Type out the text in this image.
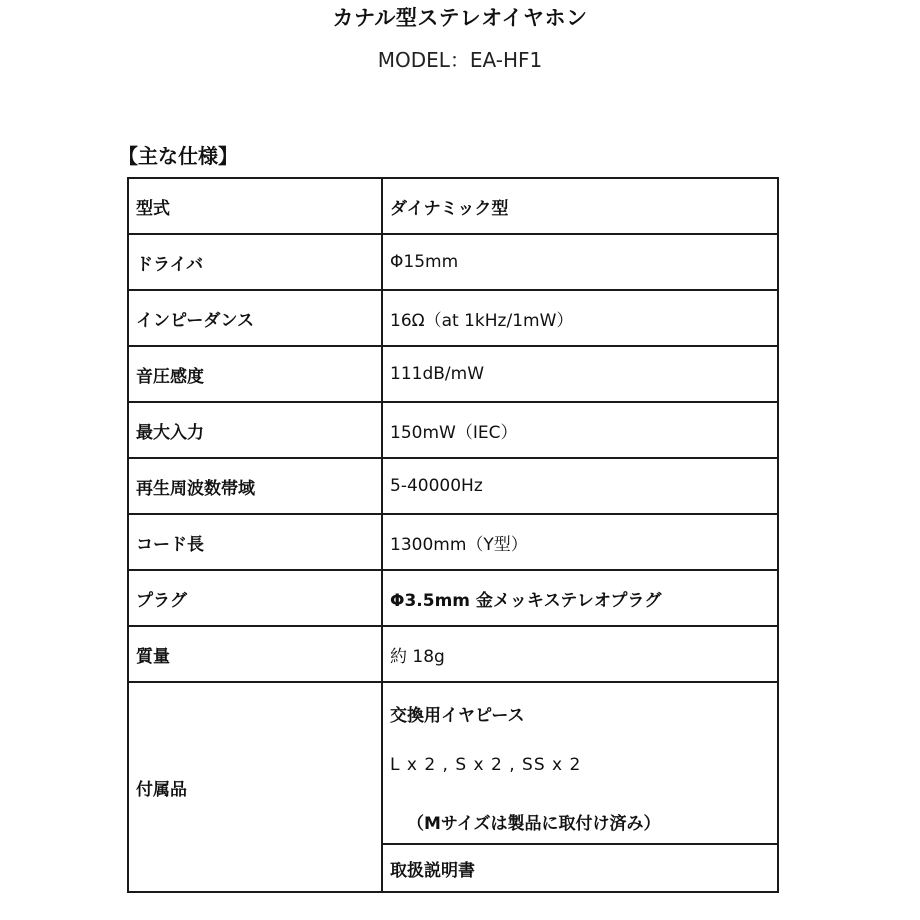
カナル型ステレオイヤホン
MODEL：EA-HF1
【主な仕様】
型式	ダイナミック型
ドライバ	Φ15mm
インピーダンス	16Ω（at 1kHz/1mW）
音圧感度	111dB/mW
最大入力	150mW（IEC）
再生周波数帯域	5-40000Hz
コード長	1300mm（Y型）
プラグ	Φ3.5mm 金メッキステレオプラグ
質量	約 18g
付属品	交換用イヤピース
L x 2 , S x 2 , SS x 2
（Mサイズは製品に取付け済み）

	取扱説明書
